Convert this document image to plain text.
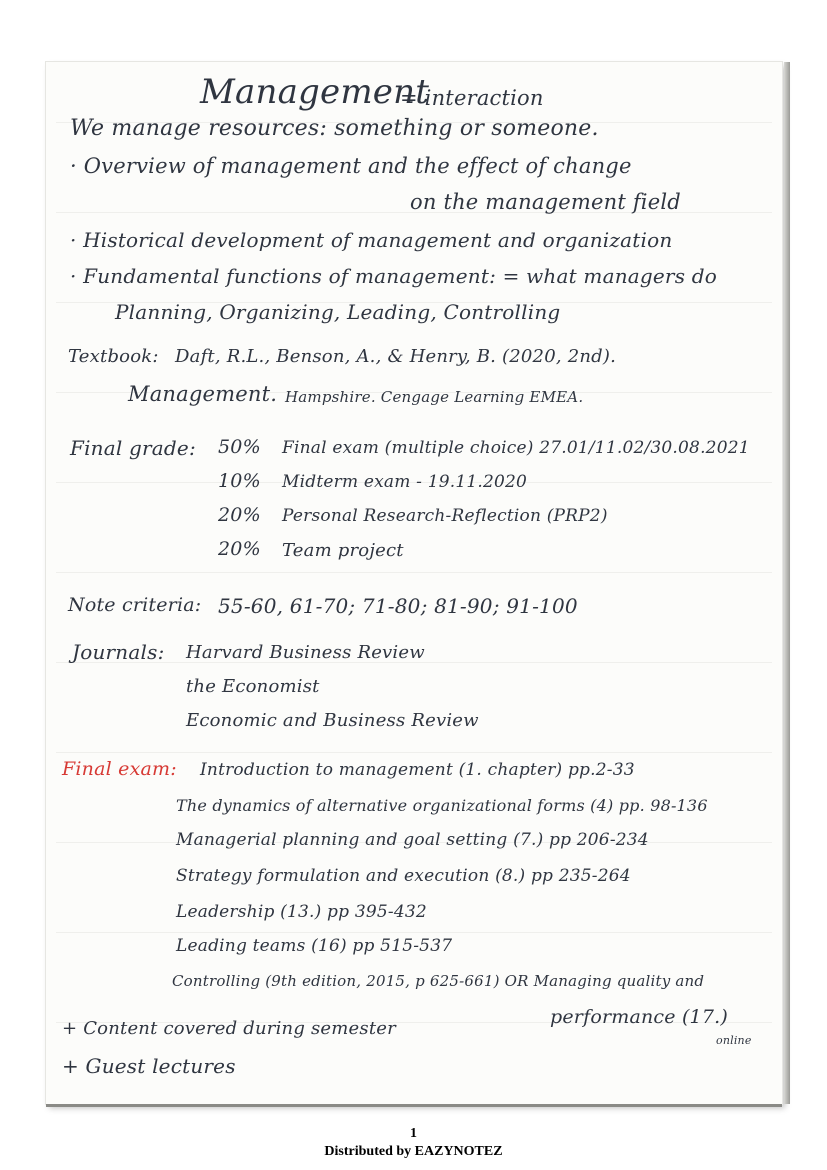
Management
= interaction
We manage resources: something or someone.
· Overview of management and the effect of change
on the management field
· Historical development of management and organization
· Fundamental functions of management: = what managers do
Planning, Organizing, Leading, Controlling
Textbook: Daft, R.L., Benson, A., & Henry, B. (2020, 2nd).
Management. Hampshire. Cengage Learning EMEA.
Final grade: 50% Final exam (multiple choice) 27.01/11.02/30.08.2021
10% Midterm exam - 19.11.2020
20% Personal Research-Reflection (PRP2)
20% Team project
Note criteria: 55-60, 61-70; 71-80; 81-90; 91-100
Journals: Harvard Business Review
the Economist
Economic and Business Review
Final exam: Introduction to management (1. chapter) pp.2-33
The dynamics of alternative organizational forms (4) pp. 98-136
Managerial planning and goal setting (7.) pp 206-234
Strategy formulation and execution (8.) pp 235-264
Leadership (13.) pp 395-432
Leading teams (16) pp 515-537
Controlling (9th edition, 2015, p 625-661) OR Managing quality and
performance (17.)
online
+ Content covered during semester
+ Guest lectures
1
Distributed by EAZYNOTEZ
